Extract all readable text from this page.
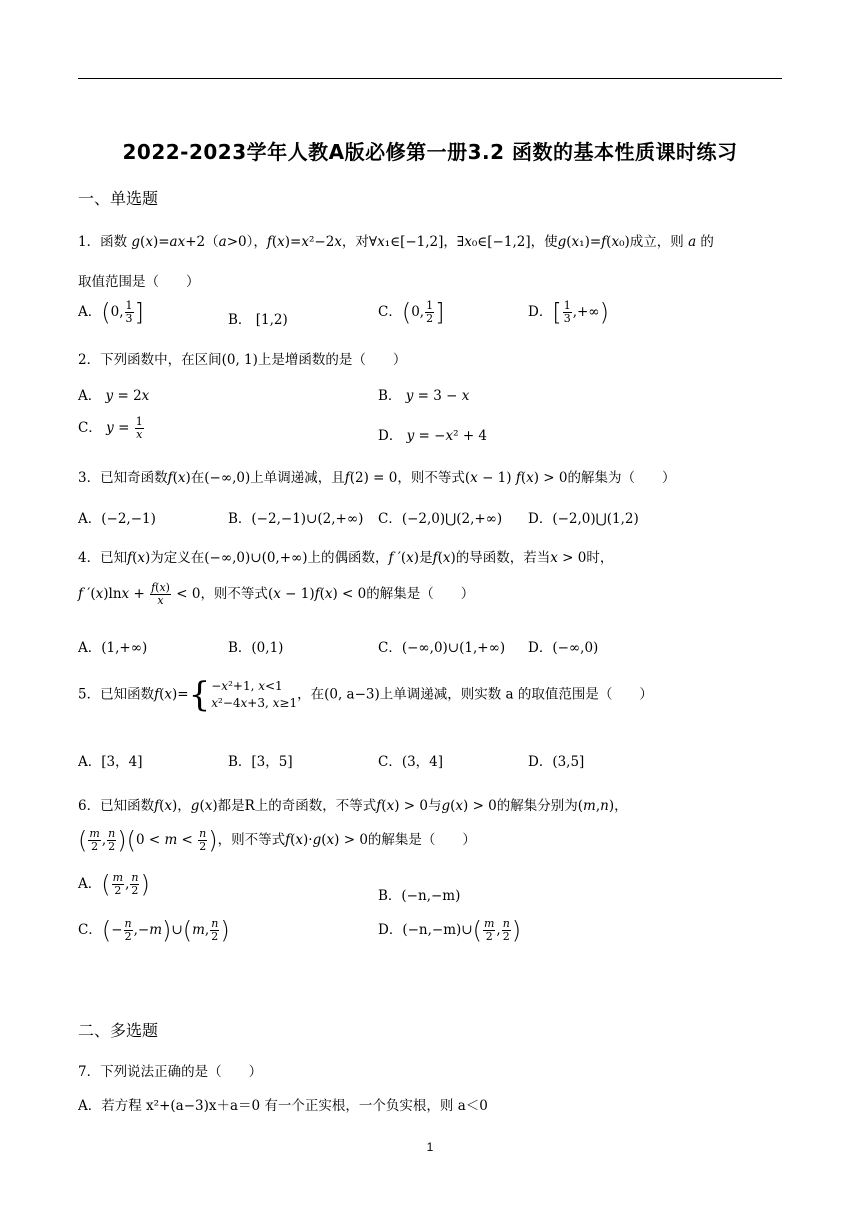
2022-2023学年人教A版必修第一册3.2 函数的基本性质课时练习
一、单选题
1．函数 g(x)=ax+2（a>0），f(x)=x²−2x，对∀x₁∈[−1,2]，∃x₀∈[−1,2]，使g(x₁)=f(x₀)成立，则 a 的
取值范围是（　　）
A．(0, $\frac{1}{3}$ ]	B． [1,2)	C．(0, $\frac{1}{2}$ ]	D．[ $\frac{1}{3}$ ,+∞)
2．下列函数中，在区间(0, 1)上是增函数的是（　　）
A． y = 2x	B． y = 3 − x
C． $y = \frac{1}{x}$	D． y = −x² + 4
3．已知奇函数f(x)在(−∞,0)上单调递减，且f(2) = 0，则不等式(x − 1) f(x) > 0的解集为（　　）
A．(−2,−1)	B．(−2,−1)∪(2,+∞) C．(−2,0)⋃(2,+∞) D．(−2,0)⋃(1,2)
4．已知f(x)为定义在(−∞,0)∪(0,+∞)上的偶函数，f ′(x)是f(x)的导函数，若当x > 0时，
f $'(x)\ln x + \frac{f(x)}{x} < 0$，则不等式(x − 1)f(x) < 0的解集是（　　）
A．(1,+∞)	B．(0,1)	C．(−∞,0)∪(1,+∞) D．(−∞,0)
5．已知函数f(x)={−x²+1, x<1
x²−4x+3, x≥1，在(0, a−3)上单调递减，则实数 a 的取值范围是（　　）
A．[3，4]	B．[3，5]	C．(3，4]	D．(3,5]
6．已知函数f(x)，g(x)都是R上的奇函数，不等式f(x) > 0与g(x) > 0的解集分别为(m,n)，
( $\frac{m}{2}$ , $\frac{n}{2} )(0 < m < \frac{n}{2}$ )，则不等式f(x)·g(x) > 0的解集是（　　）
A．( $\frac{m}{2}$ , $\frac{n}{2}$ )	B．(−n,−m)
C．(− $\frac{n}{2}$ ,−m)∪(m, $\frac{n}{2}$ )	D．(−n,−m)∪( $\frac{m}{2}$ , $\frac{n}{2}$ )
二、多选题
7．下列说法正确的是（　　）
A．若方程 x²+(a−3)x＋a＝0 有一个正实根，一个负实根，则 a＜0
1
